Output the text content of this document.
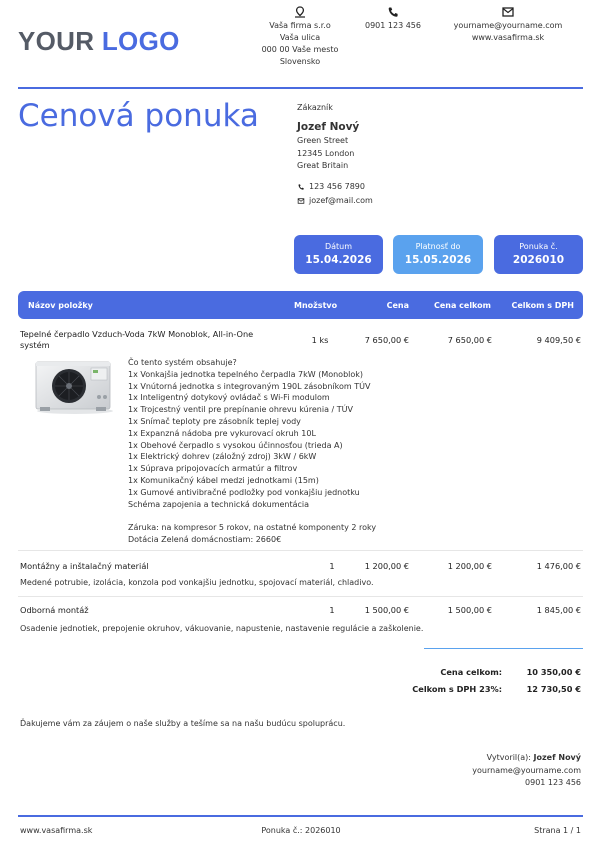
YOUR LOGO
Vaša firma s.r.o
Vaša ulica
000 00 Vaše mesto
Slovensko
0901 123 456	yourname@yourname.com
www.vasafirma.sk
Cenová ponuka	Zákazník
Jozef Nový
Green Street
12345 London
Great Britain
123 456 7890
jozef@mail.com
Dátum
15.04.2026
Platnosť do
15.05.2026
Ponuka č.
2026010
Názov položky	Množstvo	Cena	Cena celkom	Celkom s DPH
Tepelné čerpadlo Vzduch-Voda 7kW Monoblok, All-in-One
systém	1 ks	7 650,00 €	7 650,00 €	9 409,50 €
Čo tento systém obsahuje?
1x Vonkajšia jednotka tepelného čerpadla 7kW (Monoblok)
1x Vnútorná jednotka s integrovaným 190L zásobníkom TÚV
1x Inteligentný dotykový ovládač s Wi-Fi modulom
1x Trojcestný ventil pre prepínanie ohrevu kúrenia / TÚV
1x Snímač teploty pre zásobník teplej vody
1x Expanzná nádoba pre vykurovací okruh 10L
1x Obehové čerpadlo s vysokou účinnosťou (trieda A)
1x Elektrický dohrev (záložný zdroj) 3kW / 6kW
1x Súprava pripojovacích armatúr a filtrov
1x Komunikačný kábel medzi jednotkami (15m)
1x Gumové antivibračné podložky pod vonkajšiu jednotku
Schéma zapojenia a technická dokumentácia
Záruka: na kompresor 5 rokov, na ostatné komponenty 2 roky
Dotácia Zelená domácnostiam: 2660€
Montážny a inštalačný materiál	1	1 200,00 €	1 200,00 €	1 476,00 €
Medené potrubie, izolácia, konzola pod vonkajšiu jednotku, spojovací materiál, chladivo.
Odborná montáž	1	1 500,00 €	1 500,00 €	1 845,00 €
Osadenie jednotiek, prepojenie okruhov, vákuovanie, napustenie, nastavenie regulácie a zaškolenie.
Cena celkom:	10 350,00 €
Celkom s DPH 23%:	12 730,50 €
Ďakujeme vám za záujem o naše služby a tešíme sa na našu budúcu spoluprácu.
Vytvoril(a): Jozef Nový
yourname@yourname.com
0901 123 456
www.vasafirma.sk	Ponuka č.: 2026010	Strana 1 / 1
